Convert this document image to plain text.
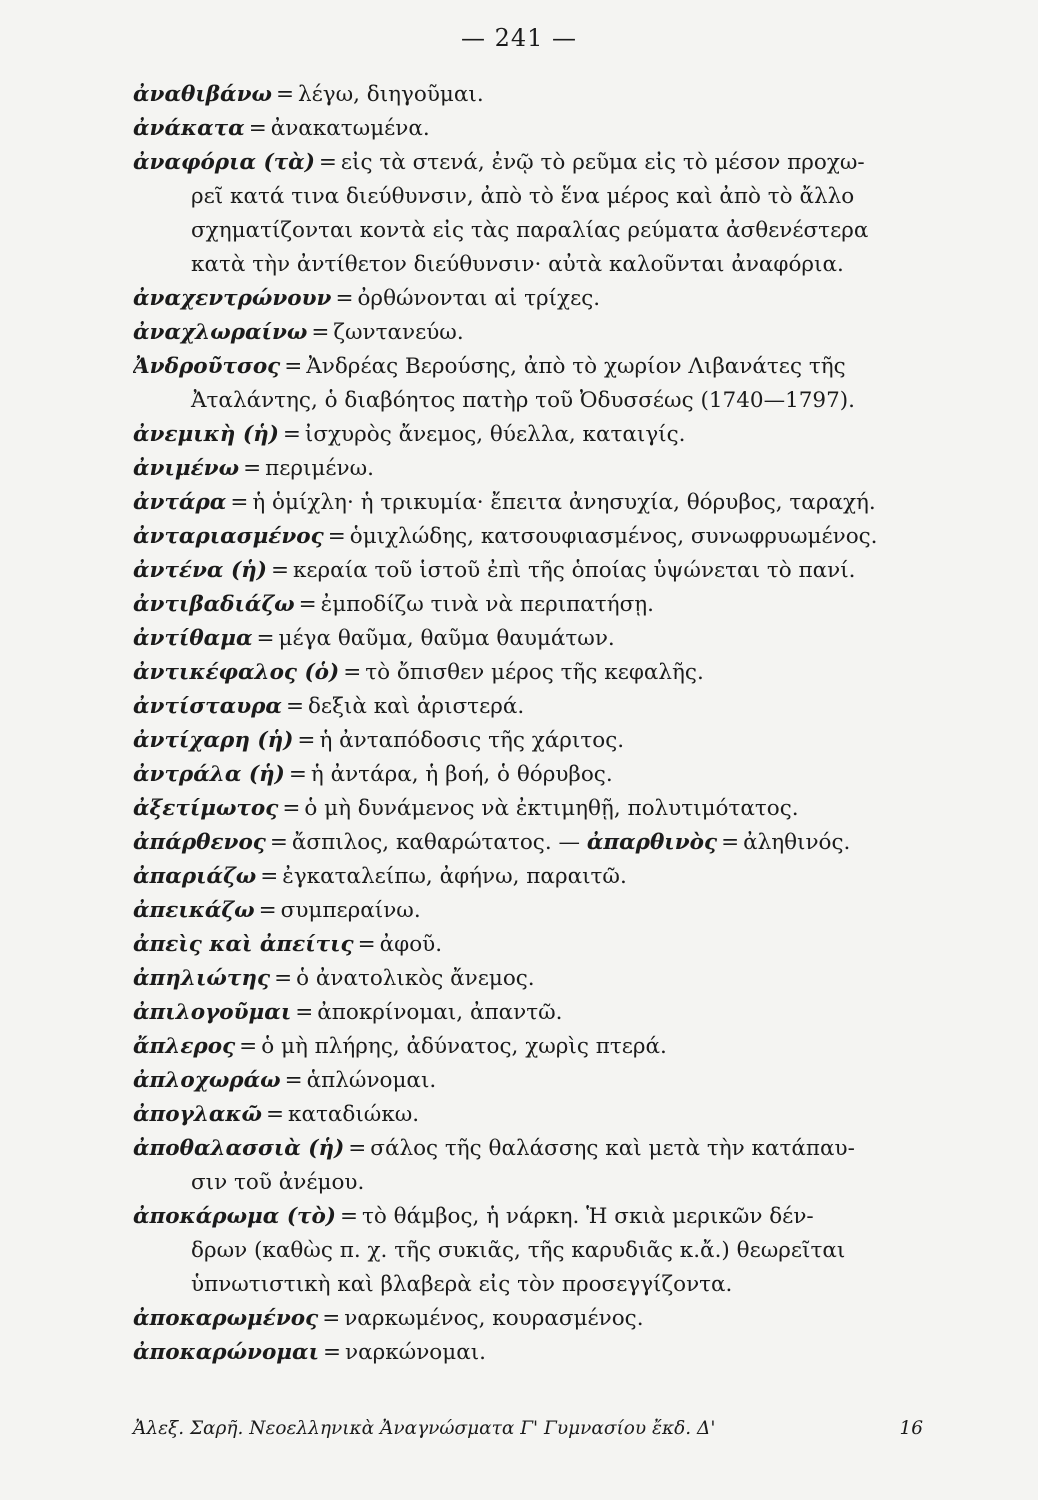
— 241 —
ἀναθιβάνω = λέγω, διηγοῦμαι.
ἀνάκατα = ἀνακατωμένα.
ἀναφόρια (τὰ) = εἰς τὰ στενά, ἐνῷ τὸ ρεῦμα εἰς τὸ μέσον προχω-
ρεῖ κατά τινα διεύθυνσιν, ἀπὸ τὸ ἕνα μέρος καὶ ἀπὸ τὸ ἄλλο
σχηματίζονται κοντὰ εἰς τὰς παραλίας ρεύματα ἀσθενέστερα
κατὰ τὴν ἀντίθετον διεύθυνσιν· αὐτὰ καλοῦνται ἀναφόρια.
ἀναχεντρώνουν = ὀρθώνονται αἱ τρίχες.
ἀναχλωραίνω = ζωντανεύω.
Ἀνδροῦτσος = Ἀνδρέας Βερούσης, ἀπὸ τὸ χωρίον Λιβανάτες τῆς
Ἀταλάντης, ὁ διαβόητος πατὴρ τοῦ Ὀδυσσέως (1740—1797).
ἀνεμικὴ (ἡ) = ἰσχυρὸς ἄνεμος, θύελλα, καταιγίς.
ἀνιμένω = περιμένω.
ἀντάρα = ἡ ὁμίχλη· ἡ τρικυμία· ἔπειτα ἀνησυχία, θόρυβος, ταραχή.
ἀνταριασμένος = ὁμιχλώδης, κατσουφιασμένος, συνωφρυωμένος.
ἀντένα (ἡ) = κεραία τοῦ ἱστοῦ ἐπὶ τῆς ὁποίας ὑψώνεται τὸ πανί.
ἀντιβαδιάζω = ἐμποδίζω τινὰ νὰ περιπατήσῃ.
ἀντίθαμα = μέγα θαῦμα, θαῦμα θαυμάτων.
ἀντικέφαλος (ὁ) = τὸ ὄπισθεν μέρος τῆς κεφαλῆς.
ἀντίσταυρα = δεξιὰ καὶ ἀριστερά.
ἀντίχαρη (ἡ) = ἡ ἀνταπόδοσις τῆς χάριτος.
ἀντράλα (ἡ) = ἡ ἀντάρα, ἡ βοή, ὁ θόρυβος.
ἀξετίμωτος = ὁ μὴ δυνάμενος νὰ ἐκτιμηθῇ, πολυτιμότατος.
ἀπάρθενος = ἄσπιλος, καθαρώτατος. — ἀπαρθινὸς = ἀληθινός.
ἀπαριάζω = ἐγκαταλείπω, ἀφήνω, παραιτῶ.
ἀπεικάζω = συμπεραίνω.
ἀπεὶς καὶ ἀπείτις = ἀφοῦ.
ἀπηλιώτης = ὁ ἀνατολικὸς ἄνεμος.
ἀπιλογοῦμαι = ἀποκρίνομαι, ἀπαντῶ.
ἄπλερος = ὁ μὴ πλήρης, ἀδύνατος, χωρὶς πτερά.
ἀπλοχωράω = ἁπλώνομαι.
ἀπογλακῶ = καταδιώκω.
ἀποθαλασσιὰ (ἡ) = σάλος τῆς θαλάσσης καὶ μετὰ τὴν κατάπαυ-
σιν τοῦ ἀνέμου.
ἀποκάρωμα (τὸ) = τὸ θάμβος, ἡ νάρκη. Ἡ σκιὰ μερικῶν δέν-
δρων (καθὼς π. χ. τῆς συκιᾶς, τῆς καρυδιᾶς κ.ἄ.) θεωρεῖται
ὑπνωτιστικὴ καὶ βλαβερὰ εἰς τὸν προσεγγίζοντα.
ἀποκαρωμένος = ναρκωμένος, κουρασμένος.
ἀποκαρώνομαι = ναρκώνομαι.
Ἀλεξ. Σαρῆ. Νεοελληνικὰ Ἀναγνώσματα Γ' Γυμνασίου ἔκδ. Δ'	16
